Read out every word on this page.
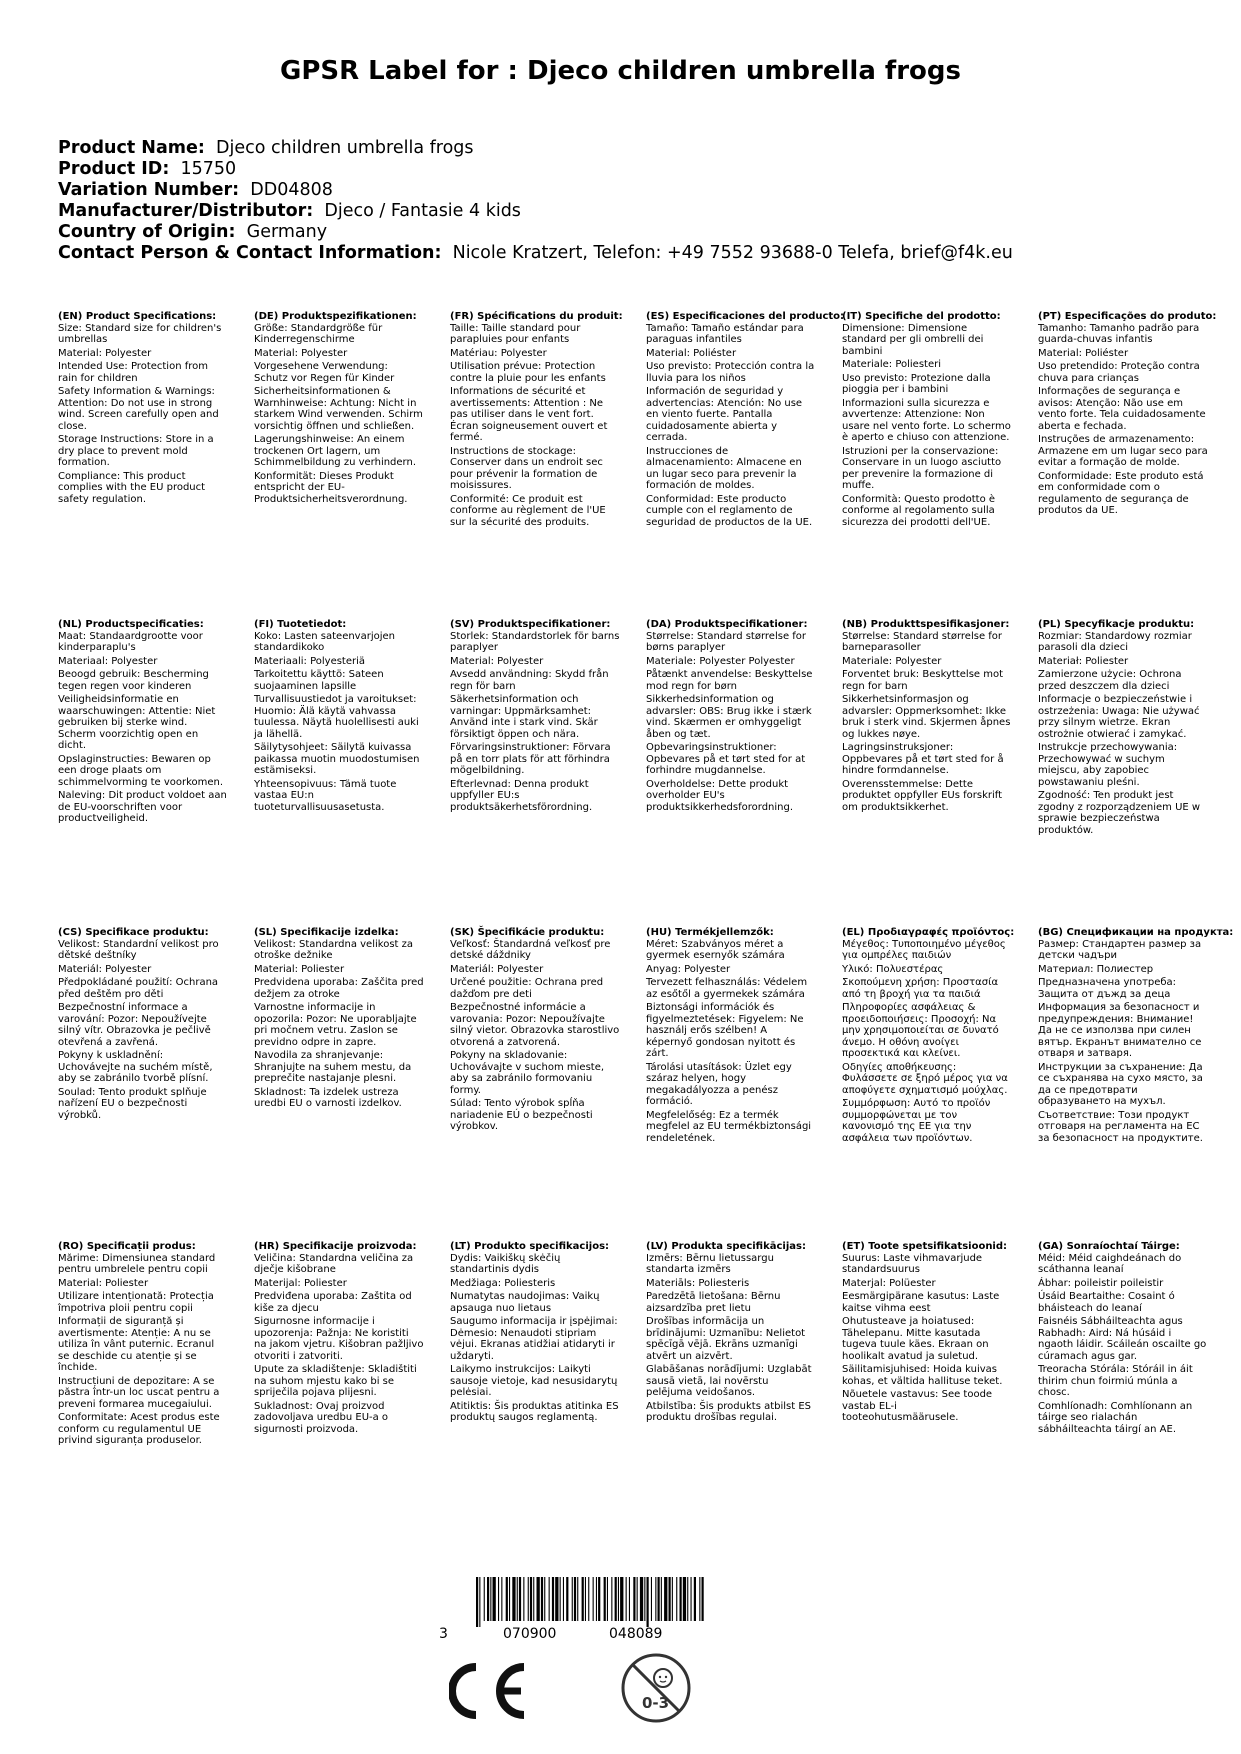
GPSR Label for : Djeco children umbrella frogs
Product Name: Djeco children umbrella frogs
Product ID: 15750
Variation Number: DD04808
Manufacturer/Distributor: Djeco / Fantasie 4 kids
Country of Origin: Germany
Contact Person & Contact Information: Nicole Kratzert, Telefon: +49 7552 93688-0 Telefa, brief@f4k.eu
(EN) Product Specifications:
Size: Standard size for children's umbrellas
Material: Polyester
Intended Use: Protection from rain for children
Safety Information & Warnings: Attention: Do not use in strong wind. Screen carefully open and close.
Storage Instructions: Store in a dry place to prevent mold formation.
Compliance: This product complies with the EU product safety regulation.
(DE) Produktspezifikationen:
Größe: Standardgröße für Kinderregenschirme
Material: Polyester
Vorgesehene Verwendung: Schutz vor Regen für Kinder
Sicherheitsinformationen & Warnhinweise: Achtung: Nicht in starkem Wind verwenden. Schirm vorsichtig öffnen und schließen.
Lagerungshinweise: An einem trockenen Ort lagern, um Schimmelbildung zu verhindern.
Konformität: Dieses Produkt entspricht der EU-Produktsicherheitsverordnung.
(FR) Spécifications du produit:
Taille: Taille standard pour parapluies pour enfants
Matériau: Polyester
Utilisation prévue: Protection contre la pluie pour les enfants
Informations de sécurité et avertissements: Attention : Ne pas utiliser dans le vent fort. Écran soigneusement ouvert et fermé.
Instructions de stockage: Conserver dans un endroit sec pour prévenir la formation de moisissures.
Conformité: Ce produit est conforme au règlement de l'UE sur la sécurité des produits.
(ES) Especificaciones del producto:
Tamaño: Tamaño estándar para paraguas infantiles
Material: Poliéster
Uso previsto: Protección contra la lluvia para los niños
Información de seguridad y advertencias: Atención: No use en viento fuerte. Pantalla cuidadosamente abierta y cerrada.
Instrucciones de almacenamiento: Almacene en un lugar seco para prevenir la formación de moldes.
Conformidad: Este producto cumple con el reglamento de seguridad de productos de la UE.
(IT) Specifiche del prodotto:
Dimensione: Dimensione standard per gli ombrelli dei bambini
Materiale: Poliesteri
Uso previsto: Protezione dalla pioggia per i bambini
Informazioni sulla sicurezza e avvertenze: Attenzione: Non usare nel vento forte. Lo schermo è aperto e chiuso con attenzione.
Istruzioni per la conservazione: Conservare in un luogo asciutto per prevenire la formazione di muffe.
Conformità: Questo prodotto è conforme al regolamento sulla sicurezza dei prodotti dell'UE.
(PT) Especificações do produto:
Tamanho: Tamanho padrão para guarda-chuvas infantis
Material: Poliéster
Uso pretendido: Proteção contra chuva para crianças
Informações de segurança e avisos: Atenção: Não use em vento forte. Tela cuidadosamente aberta e fechada.
Instruções de armazenamento: Armazene em um lugar seco para evitar a formação de molde.
Conformidade: Este produto está em conformidade com o regulamento de segurança de produtos da UE.
(NL) Productspecificaties:
Maat: Standaardgrootte voor kinderparaplu's
Materiaal: Polyester
Beoogd gebruik: Bescherming tegen regen voor kinderen
Veiligheidsinformatie en waarschuwingen: Attentie: Niet gebruiken bij sterke wind. Scherm voorzichtig open en dicht.
Opslaginstructies: Bewaren op een droge plaats om schimmelvorming te voorkomen.
Naleving: Dit product voldoet aan de EU-voorschriften voor productveiligheid.
(FI) Tuotetiedot:
Koko: Lasten sateenvarjojen standardikoko
Materiaali: Polyesteriä
Tarkoitettu käyttö: Sateen suojaaminen lapsille
Turvallisuustiedot ja varoitukset: Huomio: Älä käytä vahvassa tuulessa. Näytä huolellisesti auki ja lähellä.
Säilytysohjeet: Säilytä kuivassa paikassa muotin muodostumisen estämiseksi.
Yhteensopivuus: Tämä tuote vastaa EU:n tuoteturvallisuusasetusta.
(SV) Produktspecifikationer:
Storlek: Standardstorlek för barns paraplyer
Material: Polyester
Avsedd användning: Skydd från regn för barn
Säkerhetsinformation och varningar: Uppmärksamhet: Använd inte i stark vind. Skär försiktigt öppen och nära.
Förvaringsinstruktioner: Förvara på en torr plats för att förhindra mögelbildning.
Efterlevnad: Denna produkt uppfyller EU:s produktsäkerhetsförordning.
(DA) Produktspecifikationer:
Størrelse: Standard størrelse for børns paraplyer
Materiale: Polyester Polyester
Påtænkt anvendelse: Beskyttelse mod regn for børn
Sikkerhedsinformation og advarsler: OBS: Brug ikke i stærk vind. Skærmen er omhyggeligt åben og tæt.
Opbevaringsinstruktioner: Opbevares på et tørt sted for at forhindre mugdannelse.
Overholdelse: Dette produkt overholder EU's produktsikkerhedsforordning.
(NB) Produkttspesifikasjoner:
Størrelse: Standard størrelse for barneparasoller
Materiale: Polyester
Forventet bruk: Beskyttelse mot regn for barn
Sikkerhetsinformasjon og advarsler: Oppmerksomhet: Ikke bruk i sterk vind. Skjermen åpnes og lukkes nøye.
Lagringsinstruksjoner: Oppbevares på et tørt sted for å hindre formdannelse.
Overensstemmelse: Dette produktet oppfyller EUs forskrift om produktsikkerhet.
(PL) Specyfikacje produktu:
Rozmiar: Standardowy rozmiar parasoli dla dzieci
Materiał: Poliester
Zamierzone użycie: Ochrona przed deszczem dla dzieci
Informacje o bezpieczeństwie i ostrzeżenia: Uwaga: Nie używać przy silnym wietrze. Ekran ostrożnie otwierać i zamykać.
Instrukcje przechowywania: Przechowywać w suchym miejscu, aby zapobiec powstawaniu pleśni.
Zgodność: Ten produkt jest zgodny z rozporządzeniem UE w sprawie bezpieczeństwa produktów.
(CS) Specifikace produktu:
Velikost: Standardní velikost pro dětské deštníky
Materiál: Polyester
Předpokládané použití: Ochrana před deštěm pro děti
Bezpečnostní informace a varování: Pozor: Nepoužívejte silný vítr. Obrazovka je pečlivě otevřená a zavřená.
Pokyny k uskladnění: Uchovávejte na suchém místě, aby se zabránilo tvorbě plísní.
Soulad: Tento produkt splňuje nařízení EU o bezpečnosti výrobků.
(SL) Specifikacije izdelka:
Velikost: Standardna velikost za otroške dežnike
Material: Poliester
Predvidena uporaba: Zaščita pred dežjem za otroke
Varnostne informacije in opozorila: Pozor: Ne uporabljajte pri močnem vetru. Zaslon se previdno odpre in zapre.
Navodila za shranjevanje: Shranjujte na suhem mestu, da preprečite nastajanje plesni.
Skladnost: Ta izdelek ustreza uredbi EU o varnosti izdelkov.
(SK) Špecifikácie produktu:
Veľkosť: Štandardná veľkosť pre detské dáždniky
Materiál: Polyester
Určené použitie: Ochrana pred dažďom pre deti
Bezpečnostné informácie a varovania: Pozor: Nepoužívajte silný vietor. Obrazovka starostlivo otvorená a zatvorená.
Pokyny na skladovanie: Uchovávajte v suchom mieste, aby sa zabránilo formovaniu formy.
Súlad: Tento výrobok spĺňa nariadenie EÚ o bezpečnosti výrobkov.
(HU) Termékjellemzők:
Méret: Szabványos méret a gyermek esernyők számára
Anyag: Polyester
Tervezett felhasználás: Védelem az esőtől a gyermekek számára
Biztonsági információk és figyelmeztetések: Figyelem: Ne használj erős szélben! A képernyő gondosan nyitott és zárt.
Tárolási utasítások: Üzlet egy száraz helyen, hogy megakadályozza a penész formáció.
Megfelelőség: Ez a termék megfelel az EU termékbiztonsági rendeletének.
(EL) Προδιαγραφές προϊόντος:
Μέγεθος: Τυποποιημένο μέγεθος για ομπρέλες παιδιών
Υλικό: Πολυεστέρας
Σκοπούμενη χρήση: Προστασία από τη βροχή για τα παιδιά
Πληροφορίες ασφάλειας & προειδοποιήσεις: Προσοχή: Να μην χρησιμοποιείται σε δυνατό άνεμο. Η οθόνη ανοίγει προσεκτικά και κλείνει.
Οδηγίες αποθήκευσης: Φυλάσσετε σε ξηρό μέρος για να αποφύγετε σχηματισμό μούχλας.
Συμμόρφωση: Αυτό το προϊόν συμμορφώνεται με τον κανονισμό της ΕΕ για την ασφάλεια των προϊόντων.
(BG) Спецификации на продукта:
Размер: Стандартен размер за детски чадъри
Материал: Полиестер
Предназначена употреба: Защита от дъжд за деца
Информация за безопасност и предупреждения: Внимание! Да не се използва при силен вятър. Екранът внимателно се отваря и затваря.
Инструкции за съхранение: Да се съхранява на сухо място, за да се предотврати образуването на мухъл.
Съответствие: Този продукт отговаря на регламента на ЕС за безопасност на продуктите.
(RO) Specificații produs:
Mărime: Dimensiunea standard pentru umbrelele pentru copii
Material: Poliester
Utilizare intenționată: Protecția împotriva ploii pentru copii
Informații de siguranță și avertismente: Atenție: A nu se utiliza în vânt puternic. Ecranul se deschide cu atenție și se închide.
Instrucțiuni de depozitare: A se păstra într-un loc uscat pentru a preveni formarea mucegaiului.
Conformitate: Acest produs este conform cu regulamentul UE privind siguranța produselor.
(HR) Specifikacije proizvoda:
Veličina: Standardna veličina za dječje kišobrane
Materijal: Poliester
Predviđena uporaba: Zaštita od kiše za djecu
Sigurnosne informacije i upozorenja: Pažnja: Ne koristiti na jakom vjetru. Kišobran pažljivo otvoriti i zatvoriti.
Upute za skladištenje: Skladištiti na suhom mjestu kako bi se spriječila pojava plijesni.
Sukladnost: Ovaj proizvod zadovoljava uredbu EU-a o sigurnosti proizvoda.
(LT) Produkto specifikacijos:
Dydis: Vaikiškų skėčių standartinis dydis
Medžiaga: Poliesteris
Numatytas naudojimas: Vaikų apsauga nuo lietaus
Saugumo informacija ir įspėjimai: Dėmesio: Nenaudoti stipriam vėjui. Ekranas atidžiai atidaryti ir uždaryti.
Laikymo instrukcijos: Laikyti sausoje vietoje, kad nesusidarytų pelėsiai.
Atitiktis: Šis produktas atitinka ES produktų saugos reglamentą.
(LV) Produkta specifikācijas:
Izmērs: Bērnu lietussargu standarta izmērs
Materiāls: Poliesteris
Paredzētā lietošana: Bērnu aizsardzība pret lietu
Drošības informācija un brīdinājumi: Uzmanību: Nelietot spēcīgā vējā. Ekrāns uzmanīgi atvērt un aizvērt.
Glabāšanas norādījumi: Uzglabāt sausā vietā, lai novērstu pelējuma veidošanos.
Atbilstība: Šis produkts atbilst ES produktu drošības regulai.
(ET) Toote spetsifikatsioonid:
Suurus: Laste vihmavarjude standardsuurus
Materjal: Polüester
Eesmärgipärane kasutus: Laste kaitse vihma eest
Ohutusteave ja hoiatused: Tähelepanu. Mitte kasutada tugeva tuule käes. Ekraan on hoolikalt avatud ja suletud.
Säilitamisjuhised: Hoida kuivas kohas, et vältida hallituse teket.
Nõuetele vastavus: See toode vastab EL-i tooteohutusmäärusele.
(GA) Sonraíochtaí Táirge:
Méid: Méid caighdeánach do scáthanna leanaí
Ábhar: poileistir poileistir
Úsáid Beartaithe: Cosaint ó bháisteach do leanaí
Faisnéis Sábháilteachta agus Rabhadh: Aird: Ná húsáid i ngaoth láidir. Scáileán oscailte go cúramach agus gar.
Treoracha Stórála: Stóráil in áit thirim chun foirmiú múnla a chosc.
Comhlíonadh: Comhlíonann an táirge seo rialachán sábháilteachta táirgí an AE.
3	070900	048089
0-3
